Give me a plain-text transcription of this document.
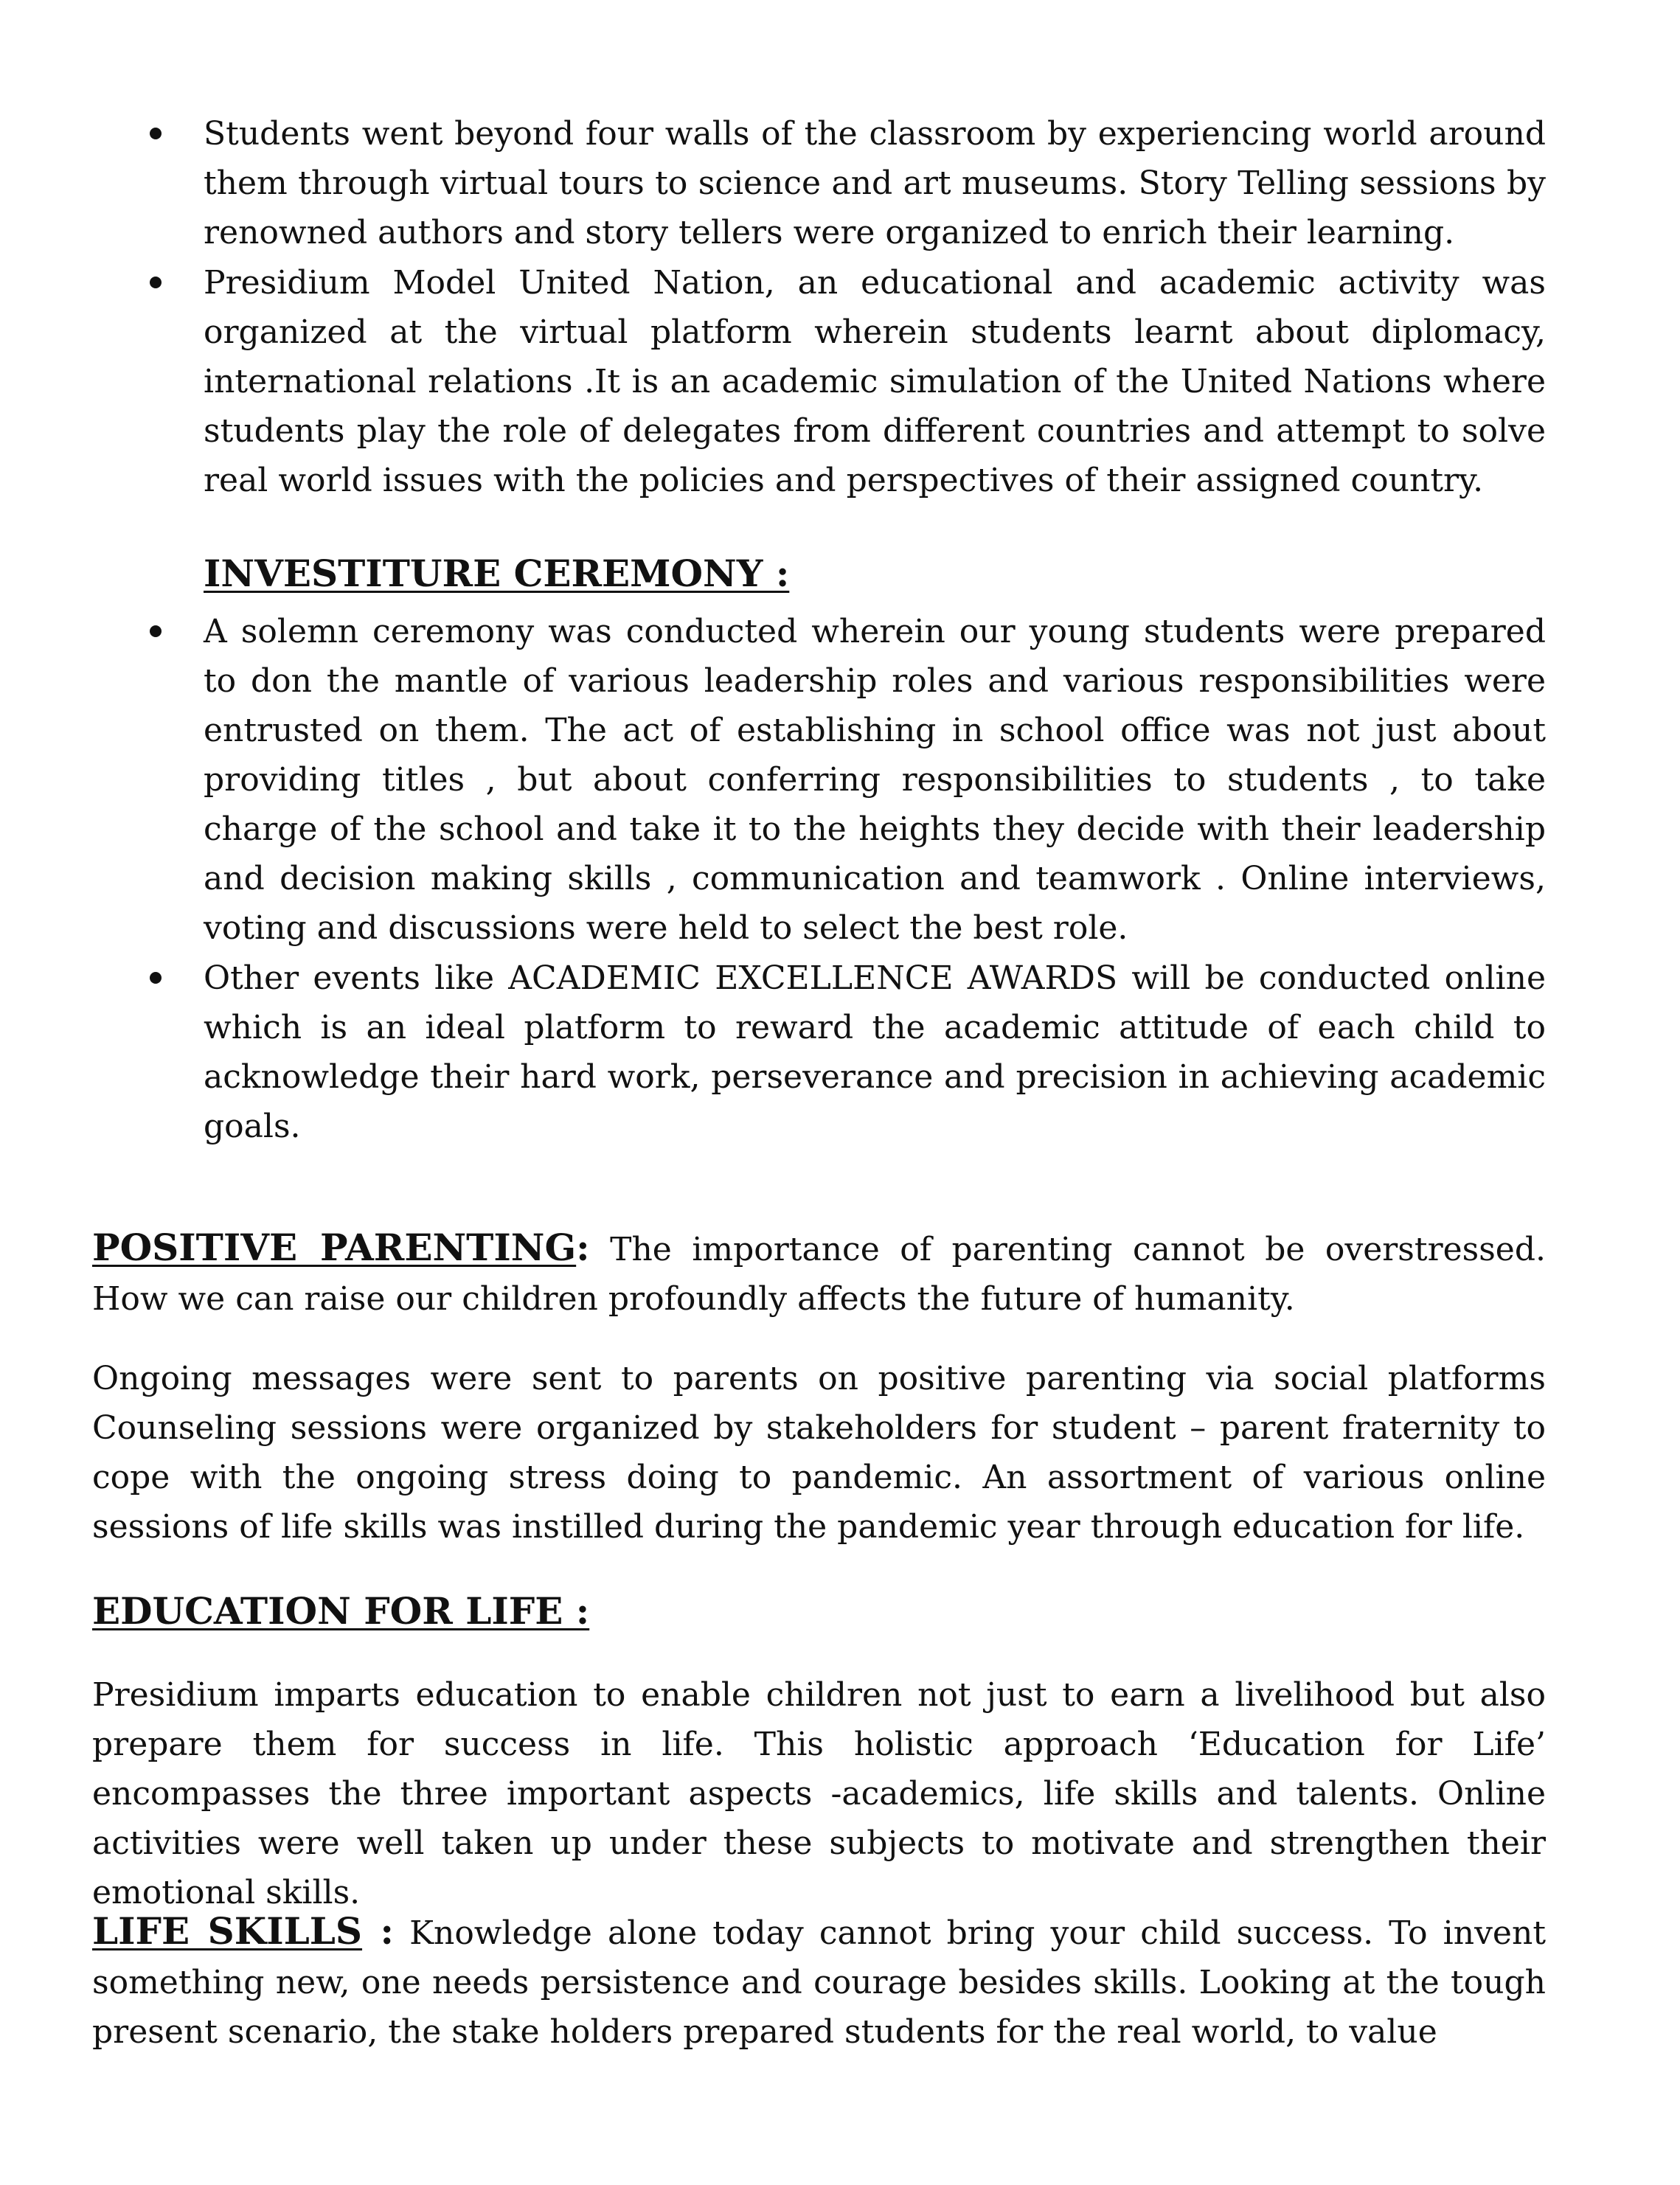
Students went beyond four walls of the classroom by experiencing world around them through virtual tours to science and art museums. Story Telling sessions by renowned authors and story tellers were organized to enrich their learning.

Presidium Model United Nation, an educational and academic activity was organized at the virtual platform wherein students learnt about diplomacy, international relations .It is an academic simulation of the United Nations where students play the role of delegates from different countries and attempt to solve real world issues with the policies and perspectives of their assigned country.

INVESTITURE CEREMONY :

A solemn ceremony was conducted wherein our young students were prepared to don the mantle of various leadership roles and various responsibilities were entrusted on them. The act of establishing in school office was not just about providing titles , but about conferring responsibilities to students , to take charge of the school and take it to the heights they decide with their leadership and decision making skills , communication and teamwork . Online interviews, voting and discussions were held to select the best role.

Other events like ACADEMIC EXCELLENCE AWARDS will be conducted online which is an ideal platform to reward the academic attitude of each child to acknowledge their hard work, perseverance and precision in achieving academic goals.

POSITIVE PARENTING: The importance of parenting cannot be overstressed. How we can raise our children profoundly affects the future of humanity.

Ongoing messages were sent to parents on positive parenting via social platforms Counseling sessions were organized by stakeholders for student – parent fraternity to cope with the ongoing stress doing to pandemic. An assortment of various online sessions of life skills was instilled during the pandemic year through education for life.

EDUCATION FOR LIFE :

Presidium imparts education to enable children not just to earn a livelihood but also prepare them for success in life. This holistic approach ‘Education for Life’ encompasses the three important aspects -academics, life skills and talents. Online activities were well taken up under these subjects to motivate and strengthen their emotional skills.

LIFE SKILLS : Knowledge alone today cannot bring your child success. To invent something new, one needs persistence and courage besides skills. Looking at the tough present scenario, the stake holders prepared students for the real world, to value
